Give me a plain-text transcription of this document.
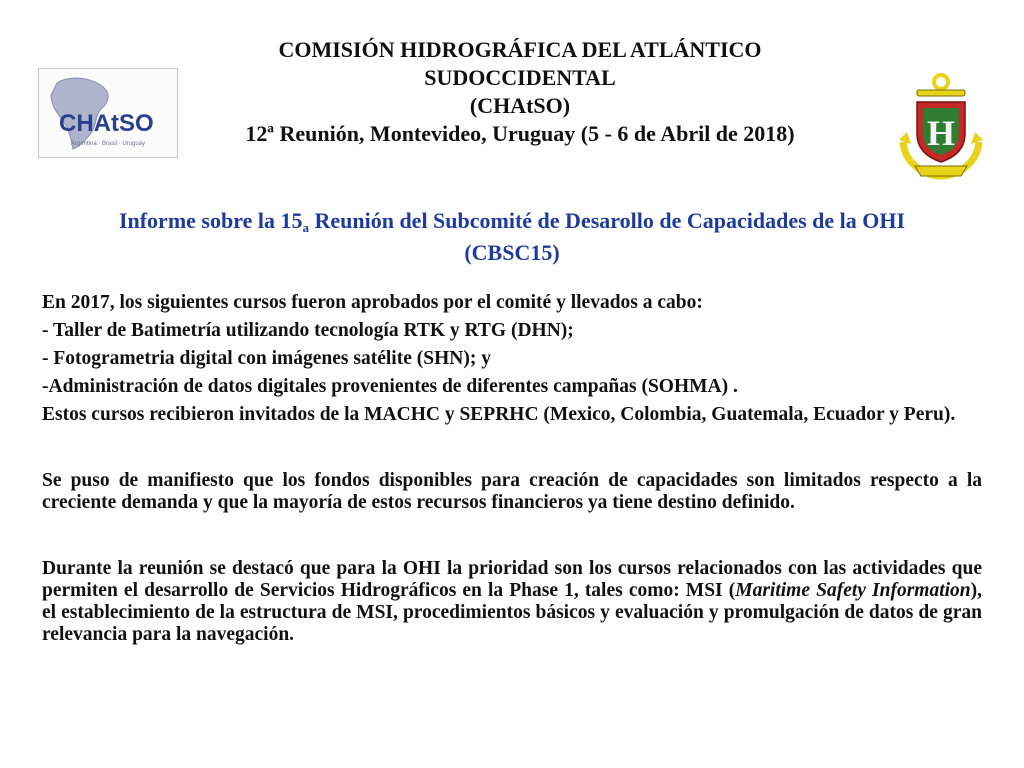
COMISIÓN HIDROGRÁFICA DEL ATLÁNTICO SUDOCCIDENTAL
(CHAtSO)
12ª Reunión, Montevideo, Uruguay (5 - 6 de Abril de 2018)
CHAtSO
Argentina · Brasil · Uruguay	H
Informe sobre la $15_a$ Reunión del Subcomité de Desarollo de Capacidades de la OHI
(CBSC15)

En 2017, los siguientes cursos fueron aprobados por el comité y llevados a cabo:

- Taller de Batimetría utilizando tecnología RTK y RTG (DHN);

- Fotogrametria digital con imágenes satélite (SHN); y

-Administración de datos digitales provenientes de diferentes campañas (SOHMA) .

Estos cursos recibieron invitados de la MACHC y SEPRHC (Mexico, Colombia, Guatemala, Ecuador y Peru).

Se puso de manifiesto que los fondos disponibles para creación de capacidades son limitados respecto a la creciente demanda y que la mayoría de estos recursos financieros ya tiene destino definido.

Durante la reunión se destacó que para la OHI la prioridad son los cursos relacionados con las actividades que permiten el desarrollo de Servicios Hidrográficos en la Phase 1, tales como: MSI (Maritime Safety Information), el establecimiento de la estructura de MSI, procedimientos básicos y evaluación y promulgación de datos de gran relevancia para la navegación.
